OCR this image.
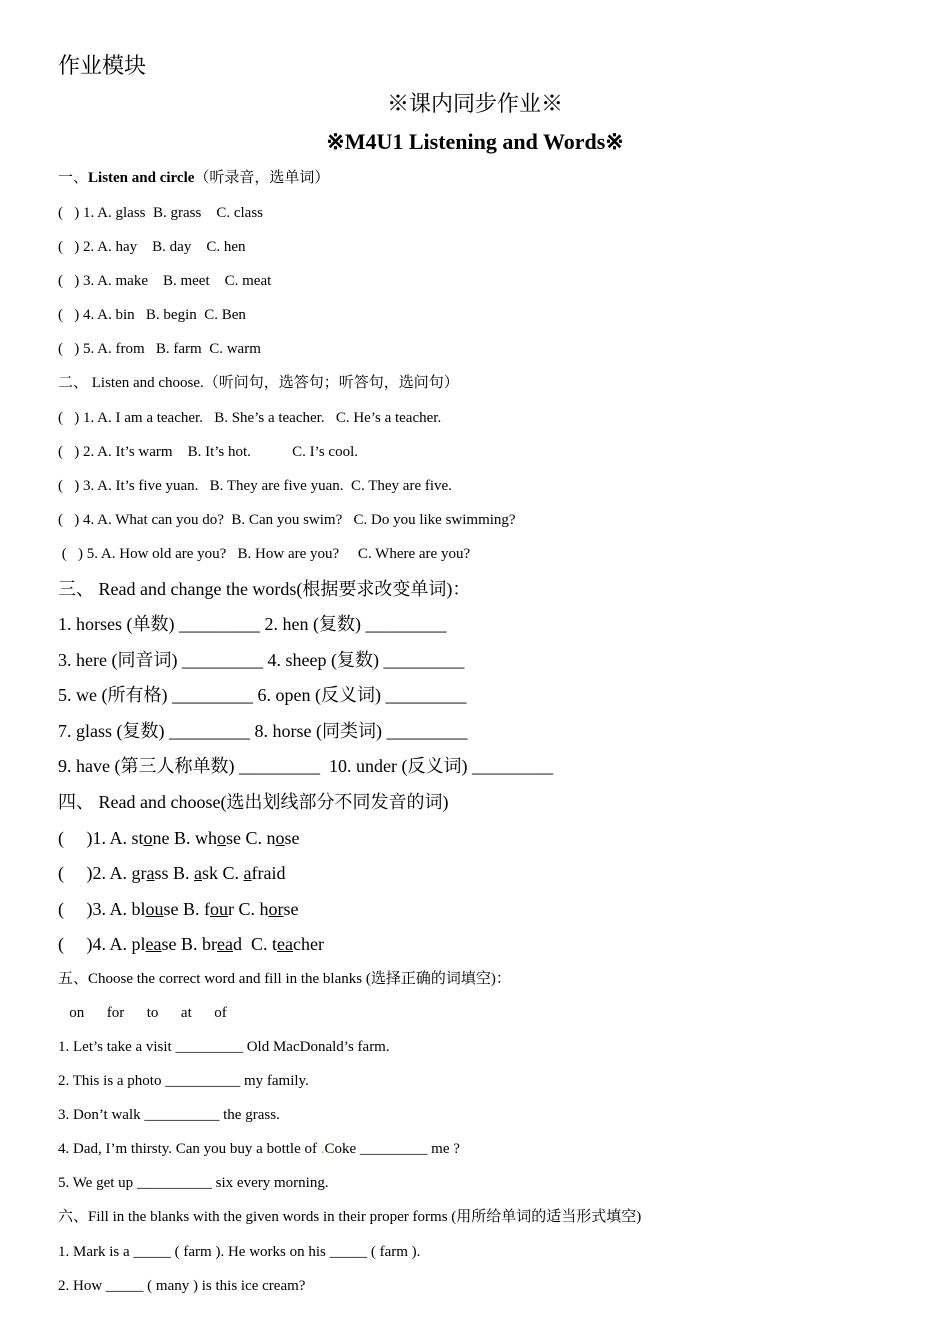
作业模块
※课内同步作业※
※M4U1 Listening and Words※
一、Listen and circle（听录音，选单词）
(   ) 1. A. glass  B. grass    C. class
(   ) 2. A. hay    B. day    C. hen
(   ) 3. A. make    B. meet    C. meat
(   ) 4. A. bin   B. begin  C. Ben
(   ) 5. A. from   B. farm  C. warm
二、 Listen and choose.（听问句，选答句；听答句，选问句）
(   ) 1. A. I am a teacher.   B. She’s a teacher.   C. He’s a teacher.
(   ) 2. A. It’s warm    B. It’s hot.           C. I’s cool.
(   ) 3. A. It’s five yuan.   B. They are five yuan.  C. They are five.
(   ) 4. A. What can you do?  B. Can you swim?   C. Do you like swimming?
(   ) 5. A. How old are you?   B. How are you?     C. Where are you?
三、 Read and change the words(根据要求改变单词)：
1. horses (单数) _________ 2. hen (复数) _________
3. here (同音词) _________ 4. sheep (复数) _________
5. we (所有格) _________ 6. open (反义词) _________
7. glass (复数) _________ 8. horse (同类词) _________
9. have (第三人称单数) _________  10. under (反义词) _________
四、 Read and choose(选出划线部分不同发音的词)
(     )1. A. stone B. whose C. nose
(     )2. A. grass B. ask C. afraid
(     )3. A. blouse B. four C. horse
(     )4. A. please B. bread  C. teacher
五、Choose the correct word and fill in the blanks (选择正确的词填空)：
on      for      to      at      of
1. Let’s take a visit _________ Old MacDonald’s farm.
2. This is a photo __________ my family.
3. Don’t walk __________ the grass.
4. Dad, I’m thirsty. Can you buy a bottle of .Coke _________ me ?
5. We get up __________ six every morning.
六、Fill in the blanks with the given words in their proper forms (用所给单词的适当形式填空)
1. Mark is a _____ ( farm ). He works on his _____ ( farm ).
2. How _____ ( many ) is this ice cream?
